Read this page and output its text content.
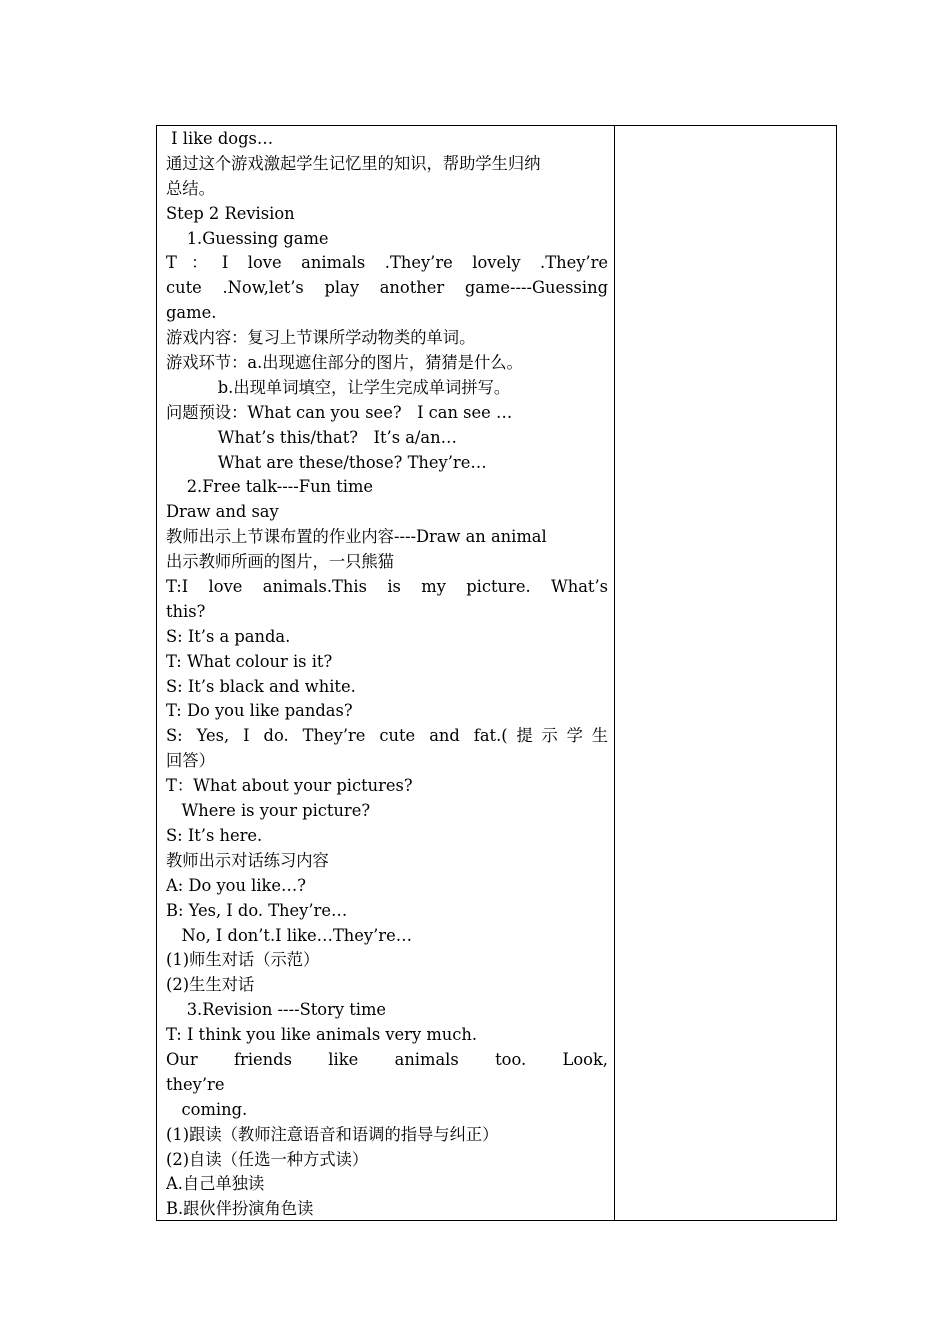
I like dogs…
通过这个游戏激起学生记忆里的知识，帮助学生归纳
总结。
Step 2 Revision
1.Guessing game
T：I love animals .They’re lovely .They’re
cute .Now,let’s play another game----Guessing
game.
游戏内容：复习上节课所学动物类的单词。
游戏环节：a.出现遮住部分的图片，猜猜是什么。
b.出现单词填空，让学生完成单词拼写。
问题预设：What can you see?   I can see …
What’s this/that?   It’s a/an…
What are these/those? They’re…
2.Free talk----Fun time
Draw and say
教师出示上节课布置的作业内容----Draw an animal
出示教师所画的图片，一只熊猫
T:I love animals.This is my picture. What’s
this?
S: It’s a panda.
T: What colour is it?
S: It’s black and white.
T: Do you like pandas?
S: Yes, I do. They’re cute and fat.(提示学生
回答）
T：What about your pictures?
Where is your picture?
S: It’s here.
教师出示对话练习内容
A: Do you like…?
B: Yes, I do. They’re…
No, I don’t.I like…They’re…
(1)师生对话（示范）
(2)生生对话
3.Revision ----Story time
T: I think you like animals very much.
Our friends like animals too. Look,
they’re
coming.
(1)跟读（教师注意语音和语调的指导与纠正）
(2)自读（任选一种方式读）
A.自己单独读
B.跟伙伴扮演角色读
